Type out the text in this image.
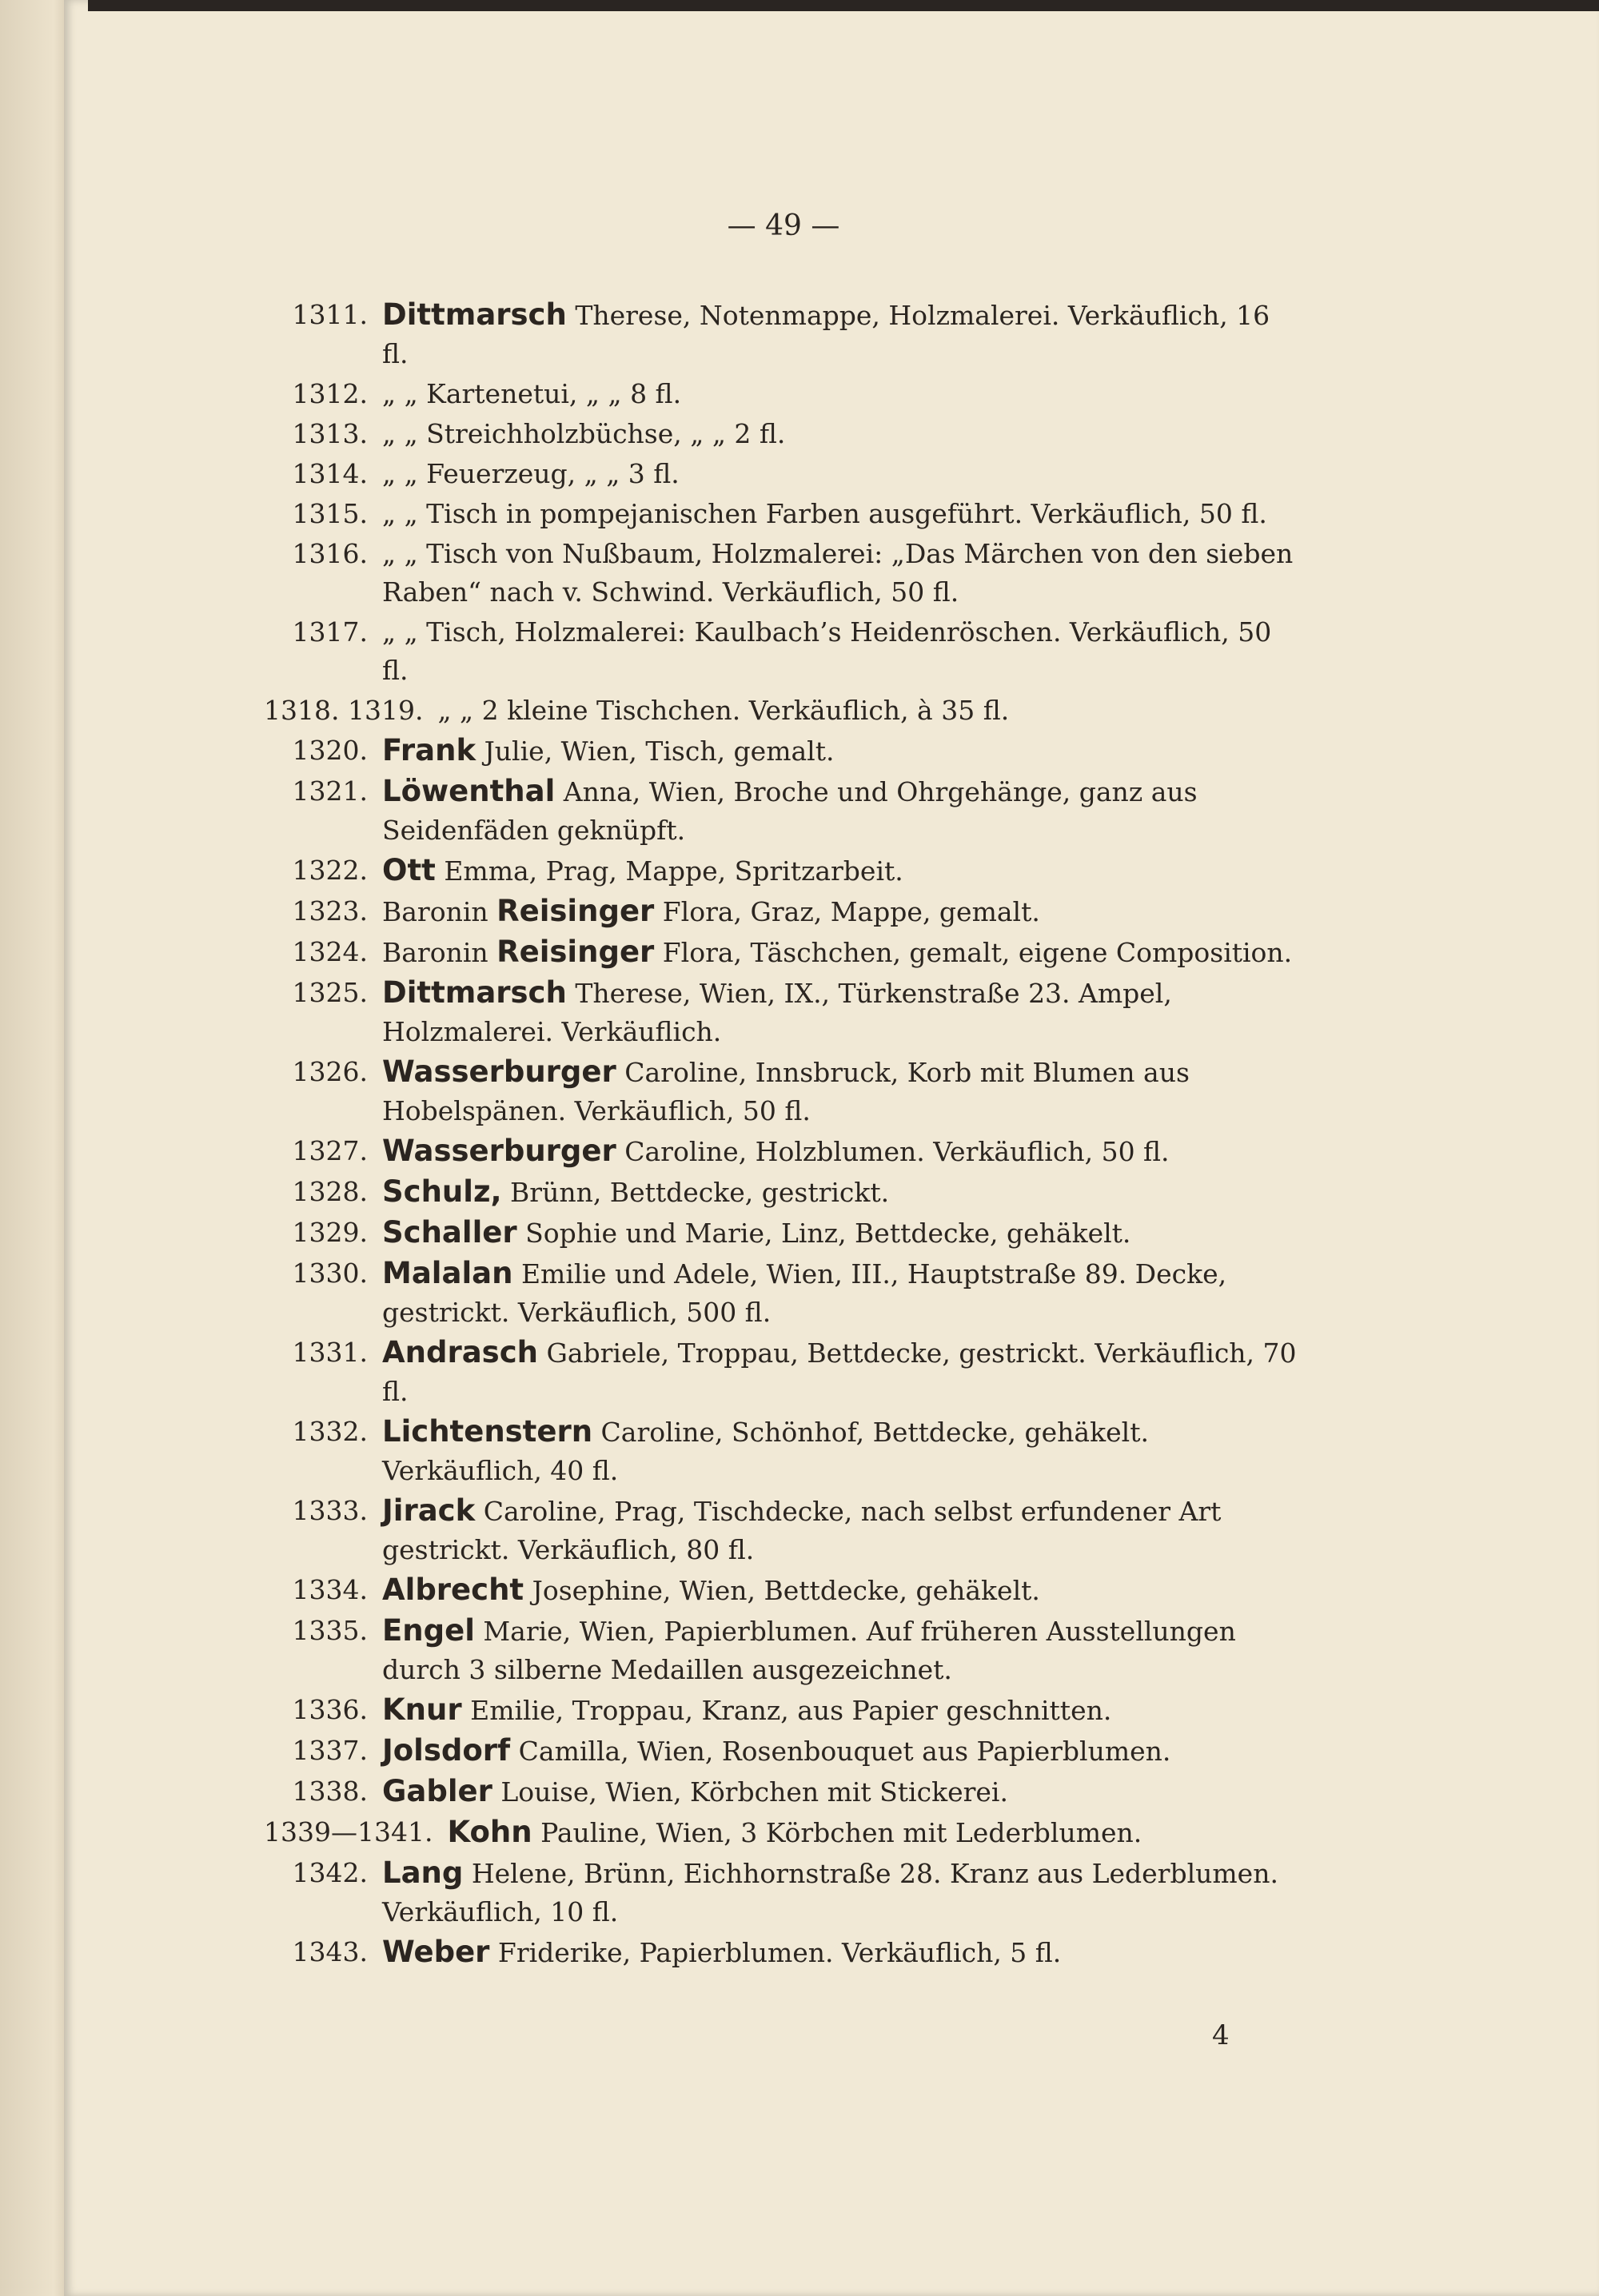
— 49 —
1311. Dittmarsch Therese, Notenmappe, Holzmalerei. Verkäuflich, 16 fl.
1312. „ „ Kartenetui, „ „ 8 fl.
1313. „ „ Streichholzbüchse, „ „ 2 fl.
1314. „ „ Feuerzeug, „ „ 3 fl.
1315. „ „ Tisch in pompejanischen Farben ausgeführt. Verkäuflich, 50 fl.
1316. „ „ Tisch von Nußbaum, Holzmalerei: „Das Märchen von den sieben Raben“ nach v. Schwind. Verkäuflich, 50 fl.
1317. „ „ Tisch, Holzmalerei: Kaulbach’s Heidenröschen. Verkäuflich, 50 fl.
1318. 1319. „ „ 2 kleine Tischchen. Verkäuflich, à 35 fl.
1320. Frank Julie, Wien, Tisch, gemalt.
1321. Löwenthal Anna, Wien, Broche und Ohrgehänge, ganz aus Seidenfäden geknüpft.
1322. Ott Emma, Prag, Mappe, Spritzarbeit.
1323. Baronin Reisinger Flora, Graz, Mappe, gemalt.
1324. Baronin Reisinger Flora, Täschchen, gemalt, eigene Composition.
1325. Dittmarsch Therese, Wien, IX., Türkenstraße 23. Ampel, Holzmalerei. Verkäuflich.
1326. Wasserburger Caroline, Innsbruck, Korb mit Blumen aus Hobelspänen. Verkäuflich, 50 fl.
1327. Wasserburger Caroline, Holzblumen. Verkäuflich, 50 fl.
1328. Schulz, Brünn, Bettdecke, gestrickt.
1329. Schaller Sophie und Marie, Linz, Bettdecke, gehäkelt.
1330. Malalan Emilie und Adele, Wien, III., Hauptstraße 89. Decke, gestrickt. Verkäuflich, 500 fl.
1331. Andrasch Gabriele, Troppau, Bettdecke, gestrickt. Verkäuflich, 70 fl.
1332. Lichtenstern Caroline, Schönhof, Bettdecke, gehäkelt. Verkäuflich, 40 fl.
1333. Jirack Caroline, Prag, Tischdecke, nach selbst erfundener Art gestrickt. Verkäuflich, 80 fl.
1334. Albrecht Josephine, Wien, Bettdecke, gehäkelt.
1335. Engel Marie, Wien, Papierblumen. Auf früheren Ausstellungen durch 3 silberne Medaillen ausgezeichnet.
1336. Knur Emilie, Troppau, Kranz, aus Papier geschnitten.
1337. Jolsdorf Camilla, Wien, Rosenbouquet aus Papierblumen.
1338. Gabler Louise, Wien, Körbchen mit Stickerei.
1339—1341. Kohn Pauline, Wien, 3 Körbchen mit Lederblumen.
1342. Lang Helene, Brünn, Eichhornstraße 28. Kranz aus Lederblumen. Verkäuflich, 10 fl.
1343. Weber Friderike, Papierblumen. Verkäuflich, 5 fl.
4
